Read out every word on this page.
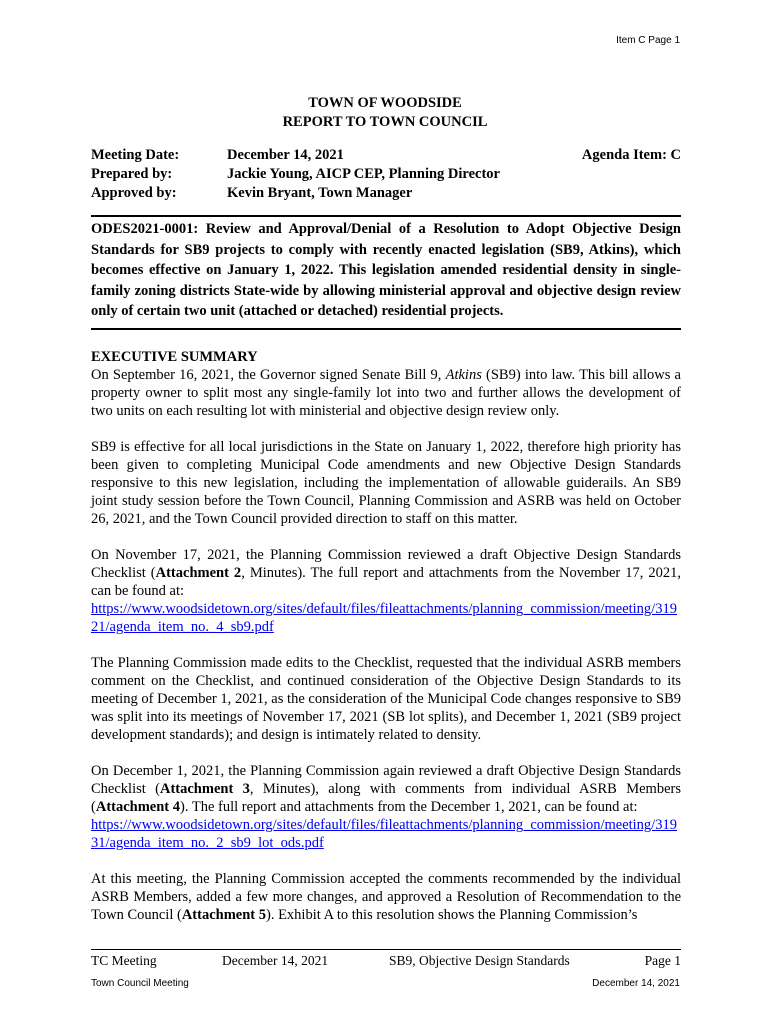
Item C Page 1
TOWN OF WOODSIDE
REPORT TO TOWN COUNCIL
Meeting Date:	December 14, 2021
Prepared by:	Jackie Young, AICP CEP, Planning Director
Approved by:	Kevin Bryant, Town Manager
Agenda Item: C
ODES2021-0001: Review and Approval/Denial of a Resolution to Adopt Objective Design Standards for SB9 projects to comply with recently enacted legislation (SB9, Atkins), which becomes effective on January 1, 2022. This legislation amended residential density in single-family zoning districts State-wide by allowing ministerial approval and objective design review only of certain two unit (attached or detached) residential projects.
EXECUTIVE SUMMARY

On September 16, 2021, the Governor signed Senate Bill 9, Atkins (SB9) into law. This bill allows a property owner to split most any single-family lot into two and further allows the development of two units on each resulting lot with ministerial and objective design review only.

SB9 is effective for all local jurisdictions in the State on January 1, 2022, therefore high priority has been given to completing Municipal Code amendments and new Objective Design Standards responsive to this new legislation, including the implementation of allowable guiderails. An SB9 joint study session before the Town Council, Planning Commission and ASRB was held on October 26, 2021, and the Town Council provided direction to staff on this matter.

On November 17, 2021, the Planning Commission reviewed a draft Objective Design Standards Checklist (Attachment 2, Minutes). The full report and attachments from the November 17, 2021, can be found at:
https://www.woodsidetown.org/sites/default/files/fileattachments/planning_commission/meeting/31921/agenda_item_no._4_sb9.pdf

The Planning Commission made edits to the Checklist, requested that the individual ASRB members comment on the Checklist, and continued consideration of the Objective Design Standards to its meeting of December 1, 2021, as the consideration of the Municipal Code changes responsive to SB9 was split into its meetings of November 17, 2021 (SB lot splits), and December 1, 2021 (SB9 project development standards); and design is intimately related to density.

On December 1, 2021, the Planning Commission again reviewed a draft Objective Design Standards Checklist (Attachment 3, Minutes), along with comments from individual ASRB Members (Attachment 4). The full report and attachments from the December 1, 2021, can be found at:
https://www.woodsidetown.org/sites/default/files/fileattachments/planning_commission/meeting/31931/agenda_item_no._2_sb9_lot_ods.pdf

At this meeting, the Planning Commission accepted the comments recommended by the individual ASRB Members, added a few more changes, and approved a Resolution of Recommendation to the Town Council (Attachment 5). Exhibit A to this resolution shows the Planning Commission’s

TC Meeting	December 14, 2021	SB9, Objective Design Standards	Page 1
Town Council Meeting	December 14, 2021
